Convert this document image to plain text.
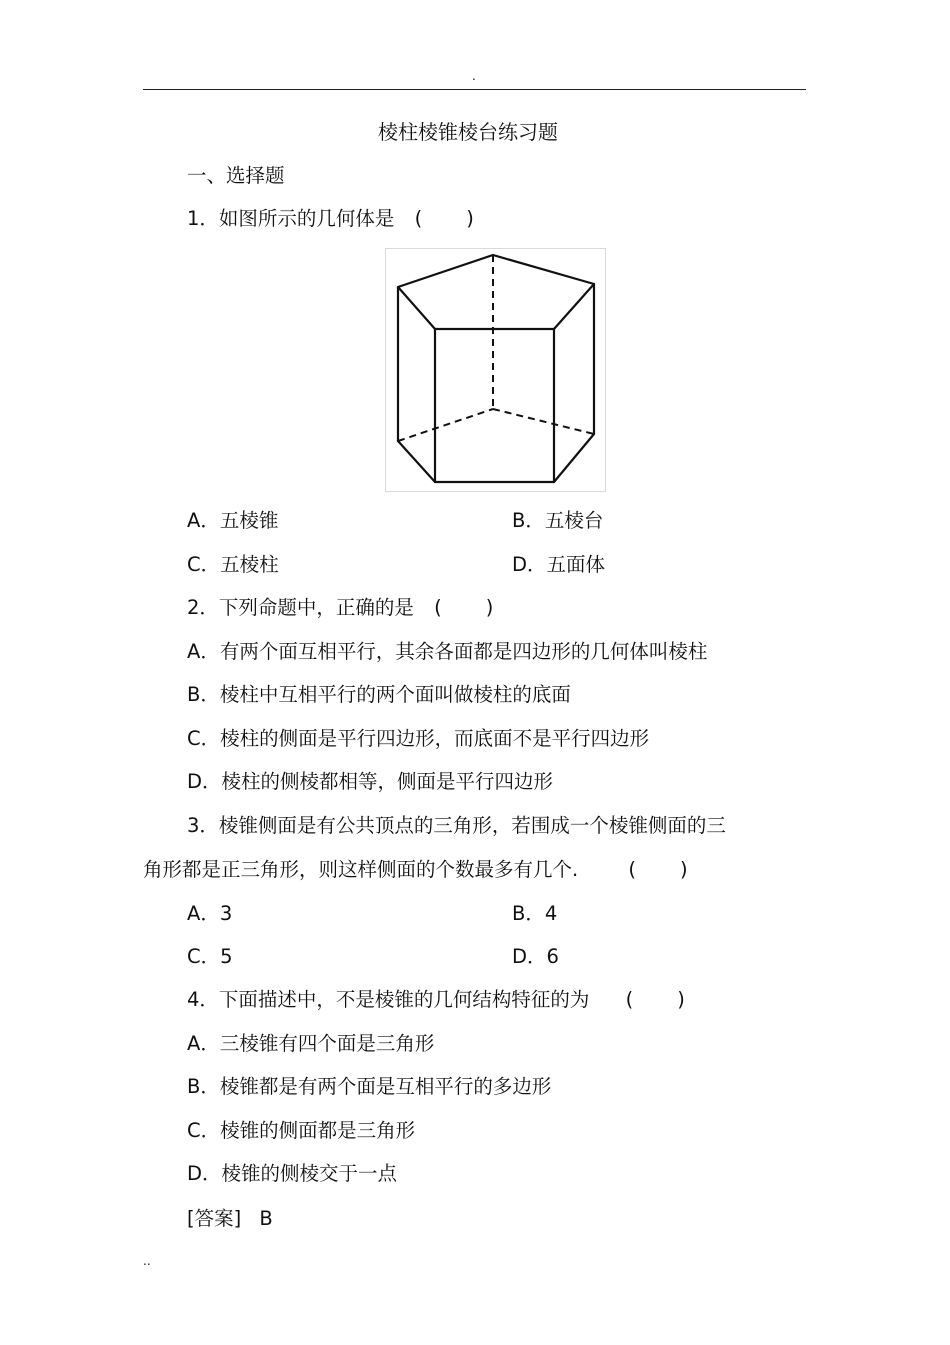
.
棱柱棱锥棱台练习题
一、选择题
1．如图所示的几何体是 ( )
A．五棱锥	B．五棱台
C．五棱柱	D．五面体
2．下列命题中，正确的是 ( )
A．有两个面互相平行，其余各面都是四边形的几何体叫棱柱
B．棱柱中互相平行的两个面叫做棱柱的底面
C．棱柱的侧面是平行四边形，而底面不是平行四边形
D．棱柱的侧棱都相等，侧面是平行四边形
3．棱锥侧面是有公共顶点的三角形，若围成一个棱锥侧面的三
角形都是正三角形，则这样侧面的个数最多有几个.	( )
A．3	B．4
C．5	D．6
4．下面描述中，不是棱锥的几何结构特征的为 ( )
A．三棱锥有四个面是三角形
B．棱锥都是有两个面是互相平行的多边形
C．棱锥的侧面都是三角形
D．棱锥的侧棱交于一点
[答案] B
..
